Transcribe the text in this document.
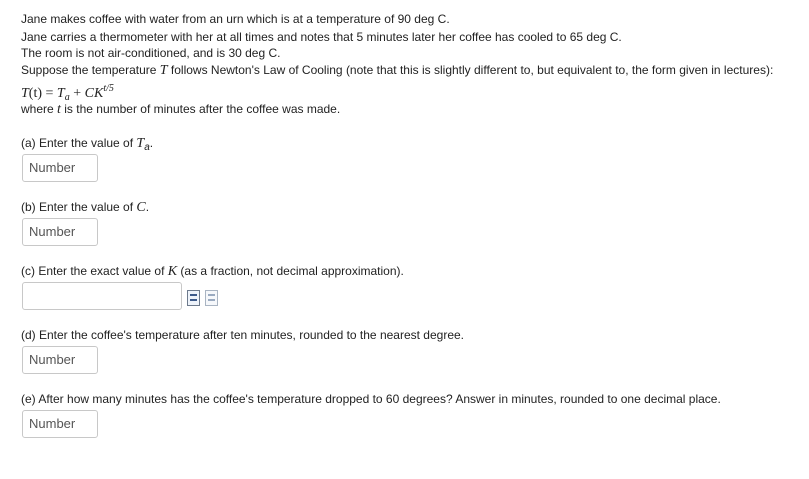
Jane makes coffee with water from an urn which is at a temperature of 90 deg C.
Jane carries a thermometer with her at all times and notes that 5 minutes later her coffee has cooled to 65 deg C.
The room is not air-conditioned, and is 30 deg C.
Suppose the temperature T follows Newton's Law of Cooling (note that this is slightly different to, but equivalent to, the form given in lectures):
$T(t) = T_a + CK^{t/5}$
where t is the number of minutes after the coffee was made.
(a) Enter the value of $T_a$.
Number
(b) Enter the value of C.
Number
(c) Enter the exact value of K (as a fraction, not decimal approximation).
(d) Enter the coffee's temperature after ten minutes, rounded to the nearest degree.
Number
(e) After how many minutes has the coffee's temperature dropped to 60 degrees? Answer in minutes, rounded to one decimal place.
Number
